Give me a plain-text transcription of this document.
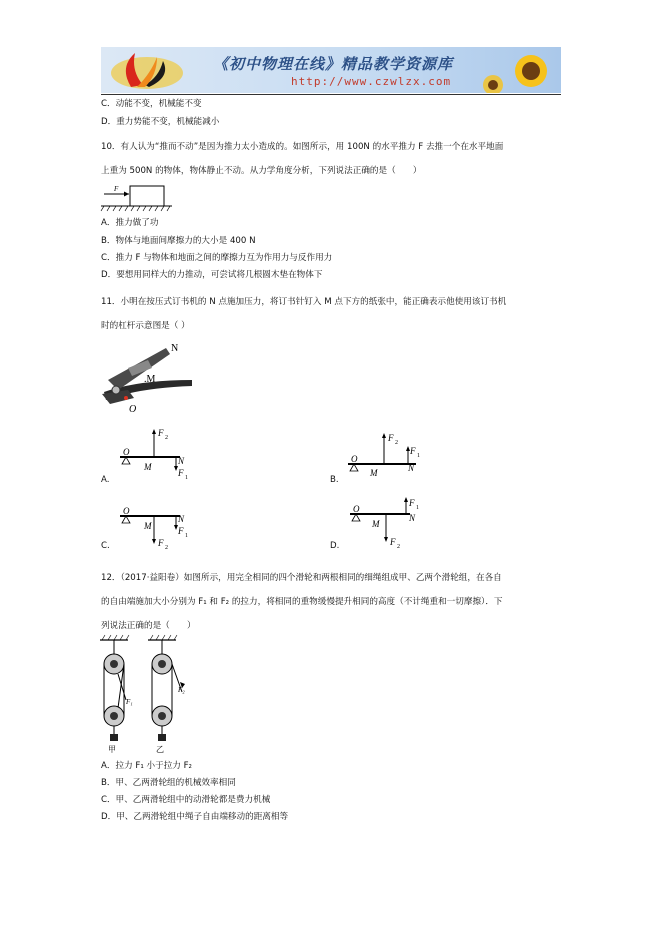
《初中物理在线》精品教学资源库
http://www.czwlzx.com
C．动能不变，机械能不变
D．重力势能不变，机械能减小
10．有人认为“推而不动”是因为推力太小造成的。如图所示，用 100N 的水平推力 F 去推一个在水平地面
上重为 500N 的物体，物体静止不动。从力学角度分析，下列说法正确的是（　　）
F
A．推力做了功
B．物体与地面间摩擦力的大小是 400 N
C．推力 F 与物体和地面之间的摩擦力互为作用力与反作用力
D．要想用同样大的力推动，可尝试将几根圆木垫在物体下
11．小明在按压式订书机的 N 点施加压力，将订书针钉入 M 点下方的纸张中，能正确表示他使用该订书机
时的杠杆示意图是（ ）
N
.M
O
O
M
F 2
N
F 1
A.
O
M
F 2
F 1
N
B.
O
M
F 2
N
F 1
C.
O
M
F 2
F 1
N
D.
12．（2017·益阳卷）如图所示，用完全相同的四个滑轮和两根相同的细绳组成甲、乙两个滑轮组，在各自
的自由端施加大小分别为 F₁ 和 F₂ 的拉力，将相同的重物缓慢提升相同的高度（不计绳重和一切摩擦）．下
列说法正确的是（　　）
F₁
甲
F₂
乙
A．拉力 F₁ 小于拉力 F₂
B．甲、乙两滑轮组的机械效率相同
C．甲、乙两滑轮组中的动滑轮都是费力机械
D．甲、乙两滑轮组中绳子自由端移动的距离相等
